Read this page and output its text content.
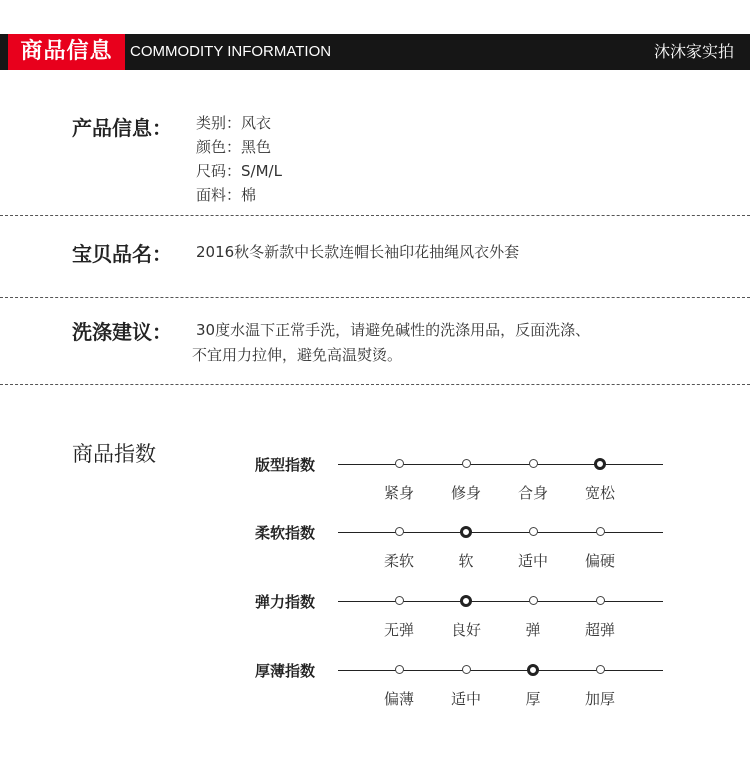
商品信息	COMMODITY INFORMATION	沐沐家实拍
产品信息： 类别：风衣
颜色：黑色
尺码：S/M/L
面料：棉
宝贝品名： 2016秋冬新款中长款连帽长袖印花抽绳风衣外套
洗涤建议： 30度水温下正常手洗，请避免碱性的洗涤用品，反面洗涤、
不宜用力拉伸，避免高温熨烫。
商品指数	版型指数
紧身	修身	合身	宽松
柔软指数
柔软	软	适中	偏硬
弹力指数
无弹	良好	弹	超弹
厚薄指数
偏薄	适中	厚	加厚
